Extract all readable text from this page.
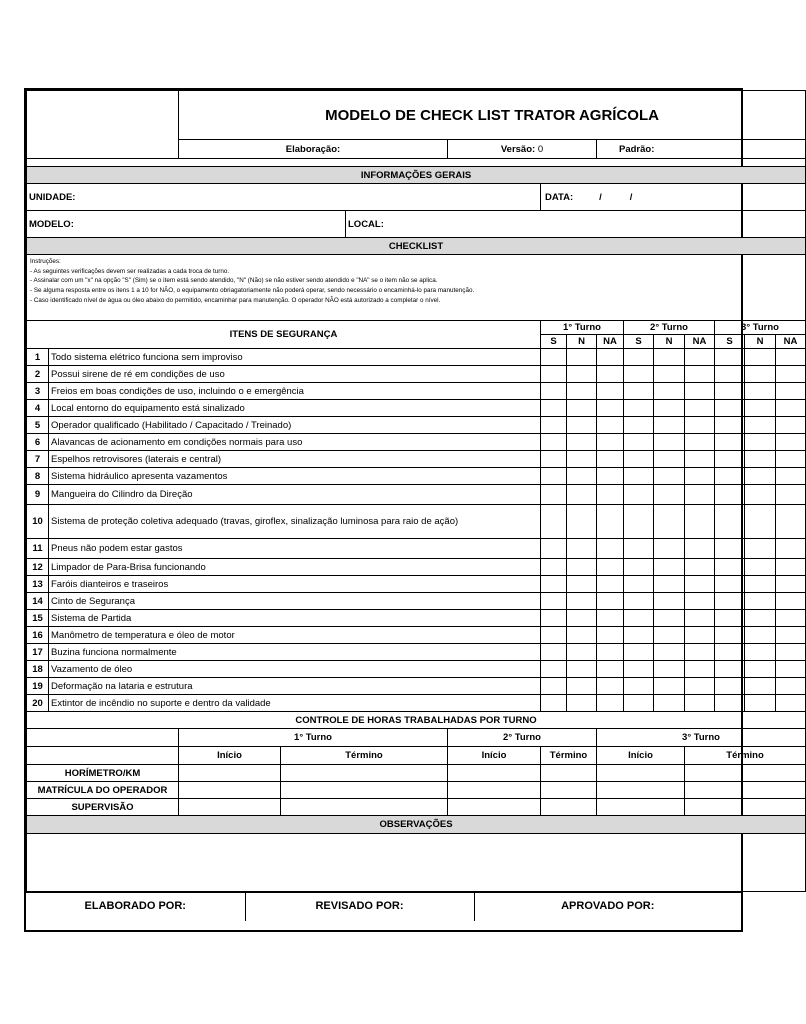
		MODELO DE CHECK LIST TRATOR AGRÍCOLA												
		Elaboração:			Versão: 0			Padrão:						

INFORMAÇÕES GERAIS														
UNIDADE:						DATA: / /								
MODELO:				LOCAL:										
CHECKLIST														

Instruções:
- As seguintes verificações devem ser realizadas a cada troca de turno.
- Assinalar com um "x" na opção "S" (Sim) se o item está sendo atendido, "N" (Não) se não estiver sendo atendido e "NA" se o item não se aplica.
- Se alguma resposta entre os itens 1 a 10 for NÃO, o equipamento obriagatoriamente não poderá operar, sendo necessário o encaminhá-lo para manutenção.
- Caso identificado nível de água ou óleo abaixo do permitido, encaminhar para manutenção. O operador NÃO está autorizado a completar o nível.														

ITENS DE SEGURANÇA						1° Turno			2° Turno			3° Turno		
						S	N	NA	S	N	NA	S	N	NA
1	Todo sistema elétrico funciona sem improviso													
2	Possui sirene de ré em condições de uso													
3	Freios em boas condições de uso, incluindo o e emergência													
4	Local entorno do equipamento está sinalizado													
5	Operador qualificado (Habilitado / Capacitado / Treinado)													
6	Alavancas de acionamento em condições normais para uso													
7	Espelhos retrovisores (laterais e central)													
8	Sistema hidráulico apresenta vazamentos													
9	Mangueira do Cilindro da Direção													
10	Sistema de proteção coletiva adequado (travas, giroflex, sinalização luminosa para raio de ação)													
11	Pneus não podem estar gastos													
12	Limpador de Para-Brisa funcionando													
13	Faróis dianteiros e traseiros													
14	Cinto de Segurança													
15	Sistema de Partida													
16	Manômetro de temperatura e óleo de motor													
17	Buzina funciona normalmente													
18	Vazamento de óleo													
19	Deformação na lataria e estrutura													
20	Extintor de incêndio no suporte e dentro da validade													
CONTROLE DE HORAS TRABALHADAS POR TURNO														
		1° Turno			2° Turno			3° Turno						
		Início	Término		Início	Término		Início			Término			
HORÍMETRO/KM														
MATRÍCULA DO OPERADOR														
SUPERVISÃO														
OBSERVAÇÕES														

ELABORADO POR:	REVISADO POR:	APROVADO POR:
